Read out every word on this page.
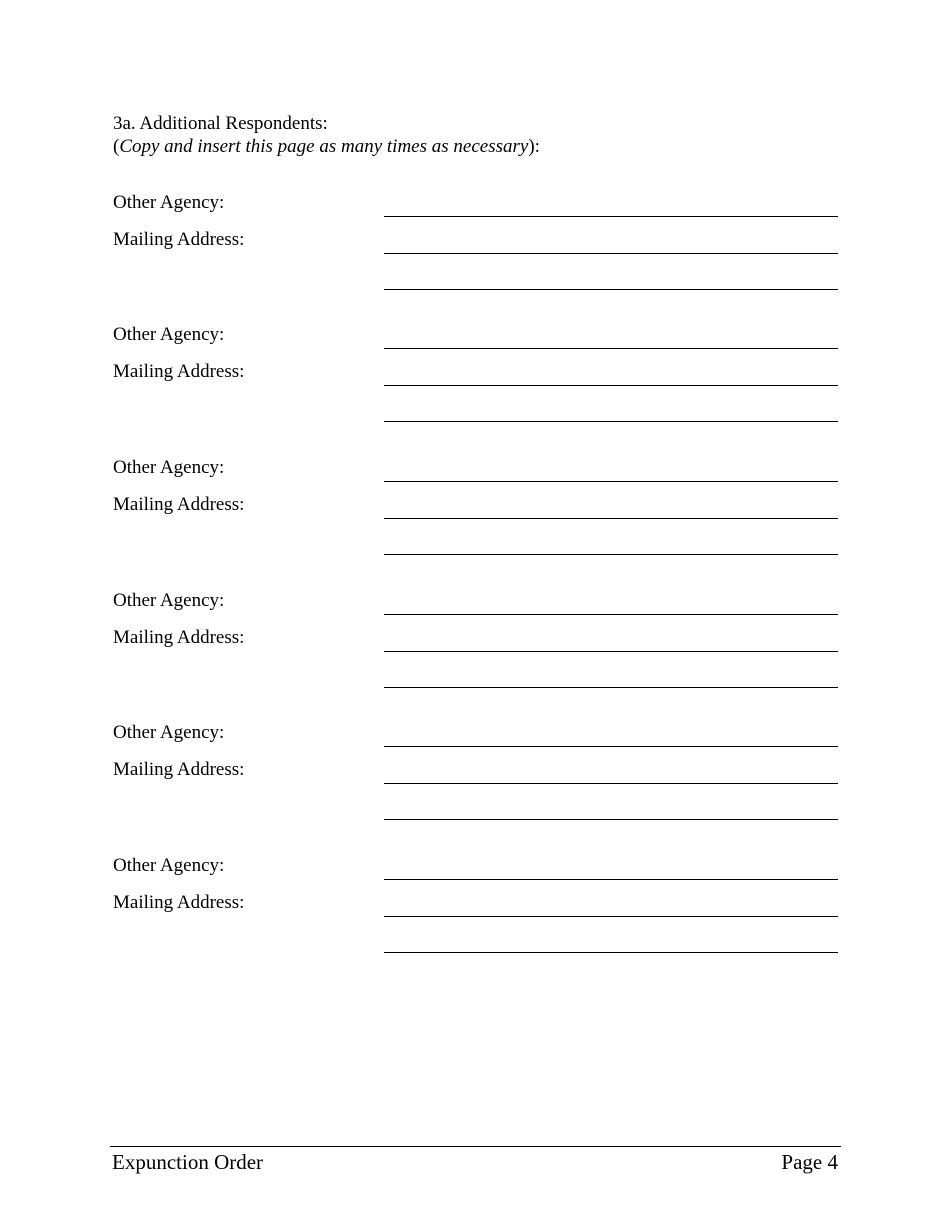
3a. Additional Respondents:
(Copy and insert this page as many times as necessary):
Other Agency:
Mailing Address:
Other Agency:
Mailing Address:
Other Agency:
Mailing Address:
Other Agency:
Mailing Address:
Other Agency:
Mailing Address:
Other Agency:
Mailing Address:
Expunction Order	Page 4
